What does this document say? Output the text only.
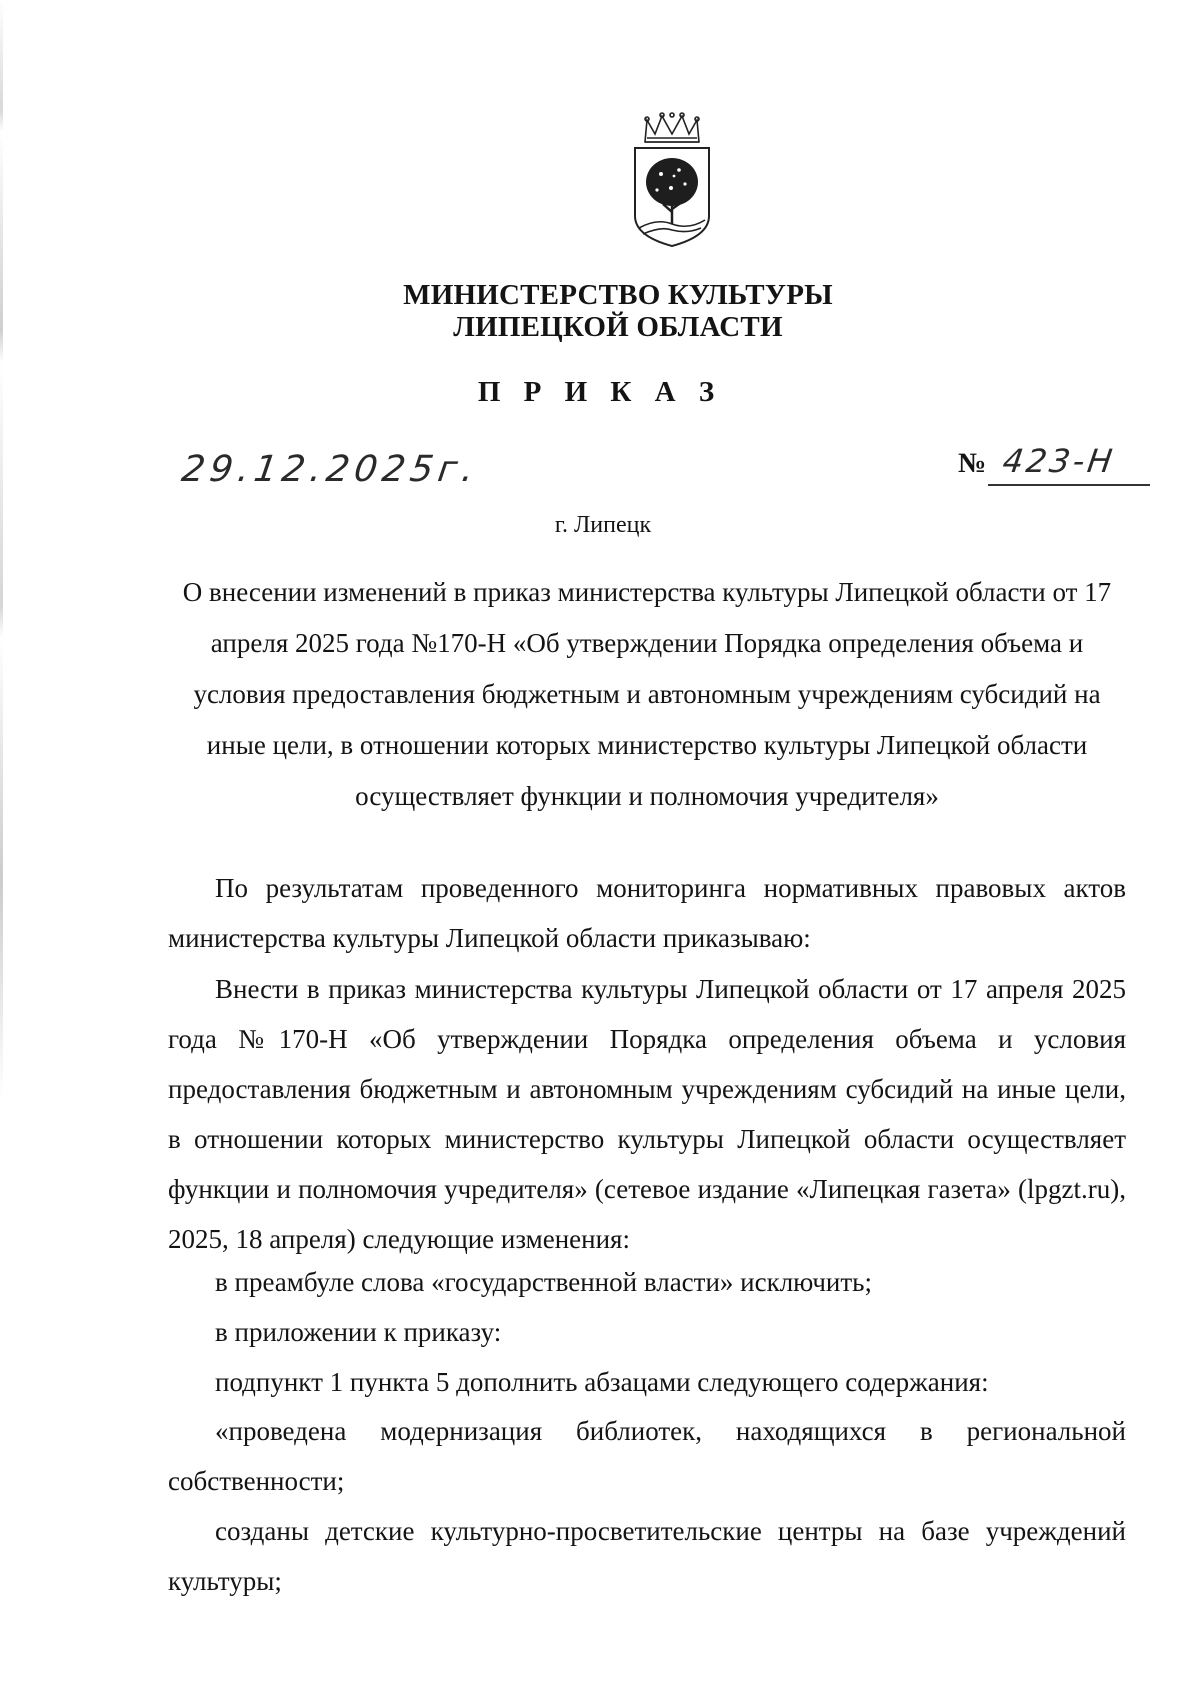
МИНИСТЕРСТВО КУЛЬТУРЫ
ЛИПЕЦКОЙ ОБЛАСТИ
П Р И К А З
29.12.2025г.	№ 423-Н
г. Липецк
О внесении изменений в приказ министерства культуры Липецкой области от 17 апреля 2025 года №170-Н «Об утверждении Порядка определения объема и условия предоставления бюджетным и автономным учреждениям субсидий на иные цели, в отношении которых министерство культуры Липецкой области осуществляет функции и полномочия учредителя»

По результатам проведенного мониторинга нормативных правовых актов министерства культуры Липецкой области приказываю:

Внести в приказ министерства культуры Липецкой области от 17 апреля 2025 года №170-Н «Об утверждении Порядка определения объема и условия предоставления бюджетным и автономным учреждениям субсидий на иные цели, в отношении которых министерство культуры Липецкой области осуществляет функции и полномочия учредителя» (сетевое издание «Липецкая газета» (lpgzt.ru), 2025, 18 апреля) следующие изменения:

в преамбуле слова «государственной власти» исключить;

в приложении к приказу:

подпункт 1 пункта 5 дополнить абзацами следующего содержания:

«проведена модернизация библиотек, находящихся в региональной собственности;

созданы детские культурно-просветительские центры на базе учреждений культуры;
